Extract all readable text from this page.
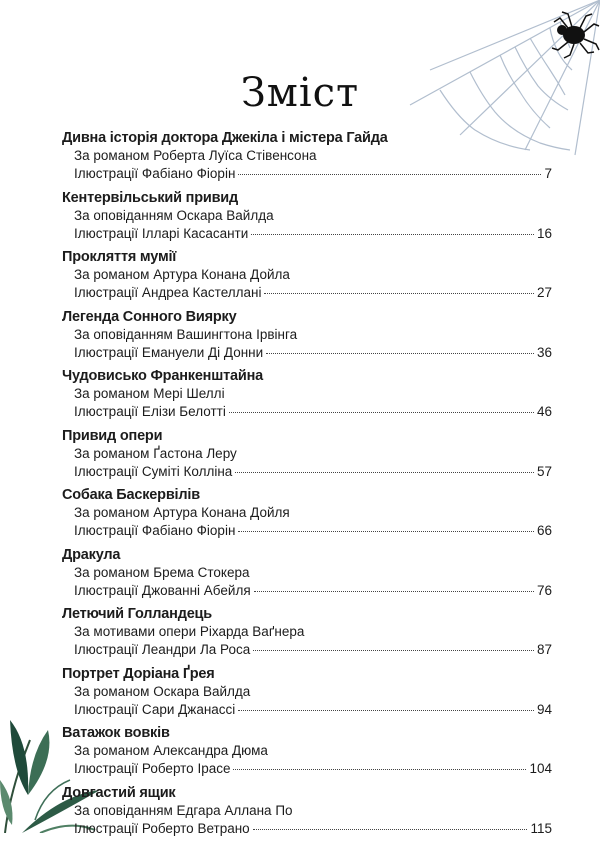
Зміст
Дивна історія доктора Джекіла і містера Гайда
За романом Роберта Луїса Стівенсона
Ілюстрації Фабіано Фіорін	7
Кентервільський привид
За оповіданням Оскара Вайлда
Ілюстрації Ілларі Касасанти	16
Прокляття мумії
За романом Артура Конана Дойла
Ілюстрації Андреа Кастеллані	27
Легенда Сонного Виярку
За оповіданням Вашингтона Ірвінга
Ілюстрації Емануели Ді Донни	36
Чудовисько Франкенштайна
За романом Мері Шеллі
Ілюстрації Елізи Белотті	46
Привид опери
За романом Ґастона Леру
Ілюстрації Суміті Колліна	57
Собака Баскервілів
За романом Артура Конана Дойля
Ілюстрації Фабіано Фіорін	66
Дракула
За романом Брема Стокера
Ілюстрації Джованні Абейля	76
Летючий Голландець
За мотивами опери Ріхарда Ваґнера
Ілюстрації Леандри Ла Роса	87
Портрет Доріана Ґрея
За романом Оскара Вайлда
Ілюстрації Сари Джанассі	94
Ватажок вовків
За романом Александра Дюма
Ілюстрації Роберто Ірасе	104
Довгастий ящик
За оповіданням Едгара Аллана По
Ілюстрації Роберто Ветрано	115
